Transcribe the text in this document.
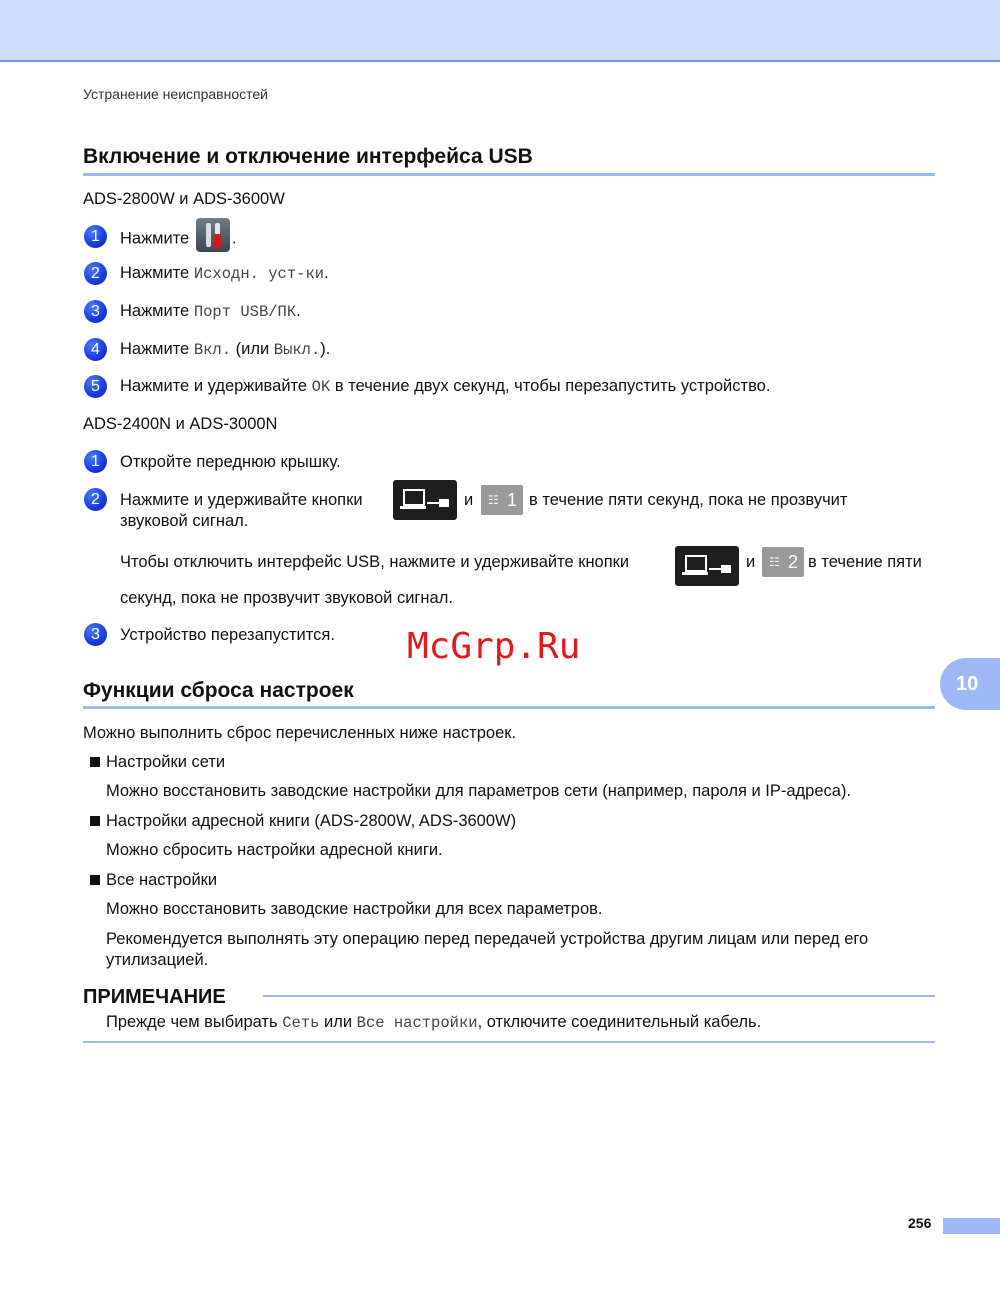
Устранение неисправностей
Включение и отключение интерфейса USB
ADS-2800W и ADS-3600W
1	Нажмите
.
2	Нажмите Исходн. уст-ки.
3	Нажмите Порт USB/ПК.
4	Нажмите Вкл. (или Выкл.).
5	Нажмите и удерживайте OK в течение двух секунд, чтобы перезапустить устройство.
ADS-2400N и ADS-3000N
1	Откройте переднюю крышку.
2	Нажмите и удерживайте кнопки	и ☷ 1 в течение пяти секунд, пока не прозвучит
звуковой сигнал.
Чтобы отключить интерфейс USB, нажмите и удерживайте кнопки	и ☷ 2 в течение пяти
секунд, пока не прозвучит звуковой сигнал.
3	Устройство перезапустится. McGrp.Ru
10
Функции сброса настроек
Можно выполнить сброс перечисленных ниже настроек.
Настройки сети
Можно восстановить заводские настройки для параметров сети (например, пароля и IP-адреса).
Настройки адресной книги (ADS-2800W, ADS-3600W)
Можно сбросить настройки адресной книги.
Все настройки
Можно восстановить заводские настройки для всех параметров.
Рекомендуется выполнять эту операцию перед передачей устройства другим лицам или перед его
утилизацией.
ПРИМЕЧАНИЕ
Прежде чем выбирать Сеть или Все настройки, отключите соединительный кабель.
256
